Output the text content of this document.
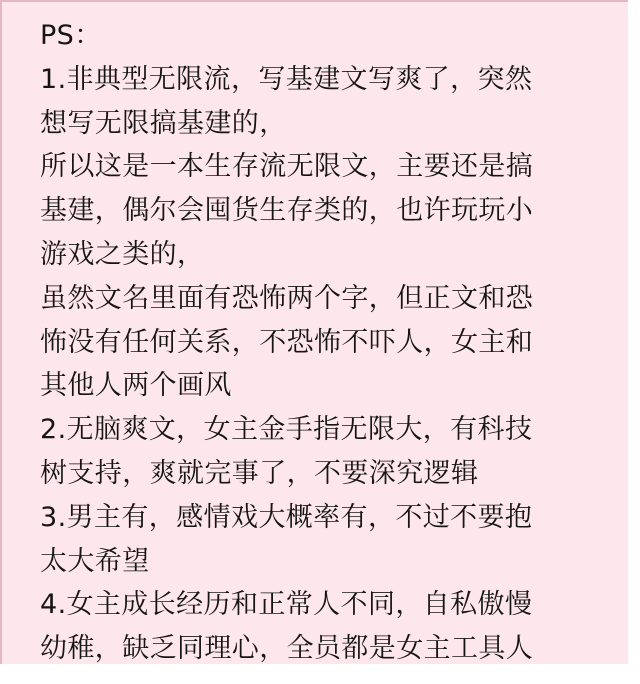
PS：
1.非典型无限流，写基建文写爽了，突然
想写无限搞基建的，
所以这是一本生存流无限文，主要还是搞
基建，偶尔会囤货生存类的，也许玩玩小
游戏之类的，
虽然文名里面有恐怖两个字，但正文和恐
怖没有任何关系，不恐怖不吓人，女主和
其他人两个画风
2.无脑爽文，女主金手指无限大，有科技
树支持，爽就完事了，不要深究逻辑
3.男主有，感情戏大概率有，不过不要抱
太大希望
4.女主成长经历和正常人不同，自私傲慢
幼稚，缺乏同理心，全员都是女主工具人
